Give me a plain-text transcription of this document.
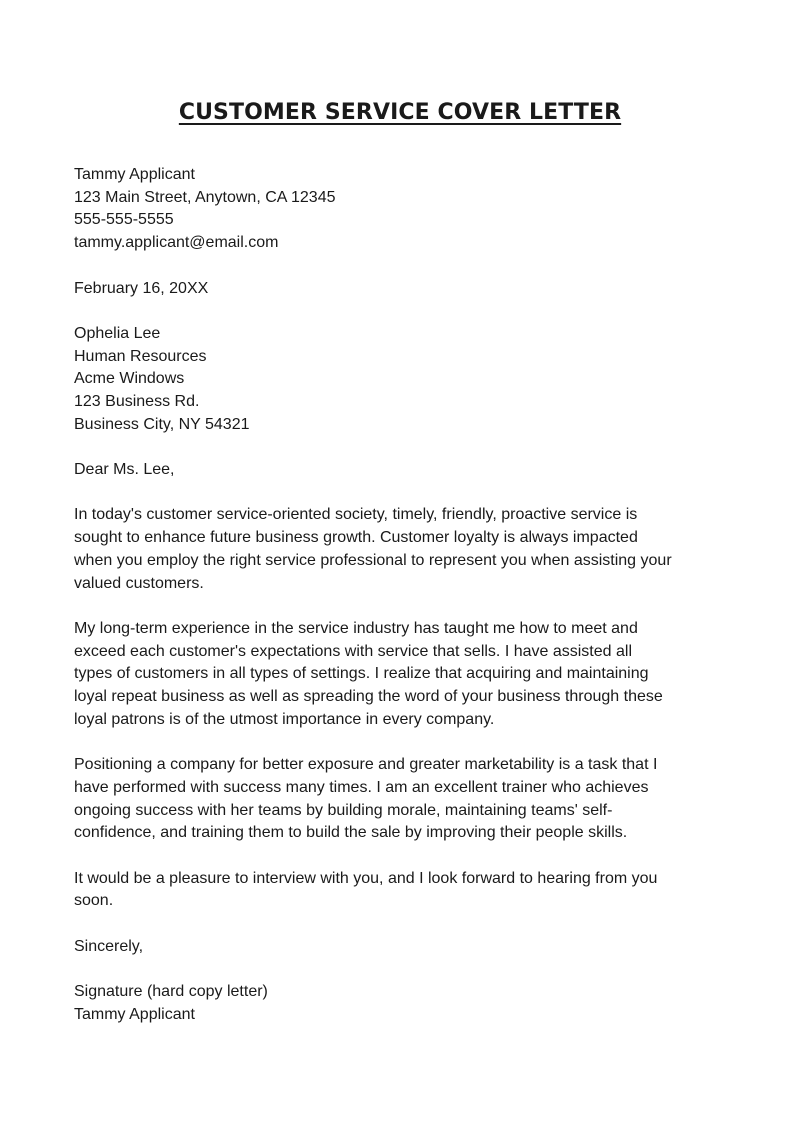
CUSTOMER SERVICE COVER LETTER
Tammy Applicant
123 Main Street, Anytown, CA 12345
555-555-5555
tammy.applicant@email.com
February 16, 20XX
Ophelia Lee
Human Resources
Acme Windows
123 Business Rd.
Business City, NY 54321
Dear Ms. Lee,
In today's customer service-oriented society, timely, friendly, proactive service is
sought to enhance future business growth. Customer loyalty is always impacted
when you employ the right service professional to represent you when assisting your
valued customers.
My long-term experience in the service industry has taught me how to meet and
exceed each customer's expectations with service that sells. I have assisted all
types of customers in all types of settings. I realize that acquiring and maintaining
loyal repeat business as well as spreading the word of your business through these
loyal patrons is of the utmost importance in every company.
Positioning a company for better exposure and greater marketability is a task that I
have performed with success many times. I am an excellent trainer who achieves
ongoing success with her teams by building morale, maintaining teams' self-
confidence, and training them to build the sale by improving their people skills.
It would be a pleasure to interview with you, and I look forward to hearing from you
soon.
Sincerely,
Signature (hard copy letter)
Tammy Applicant
